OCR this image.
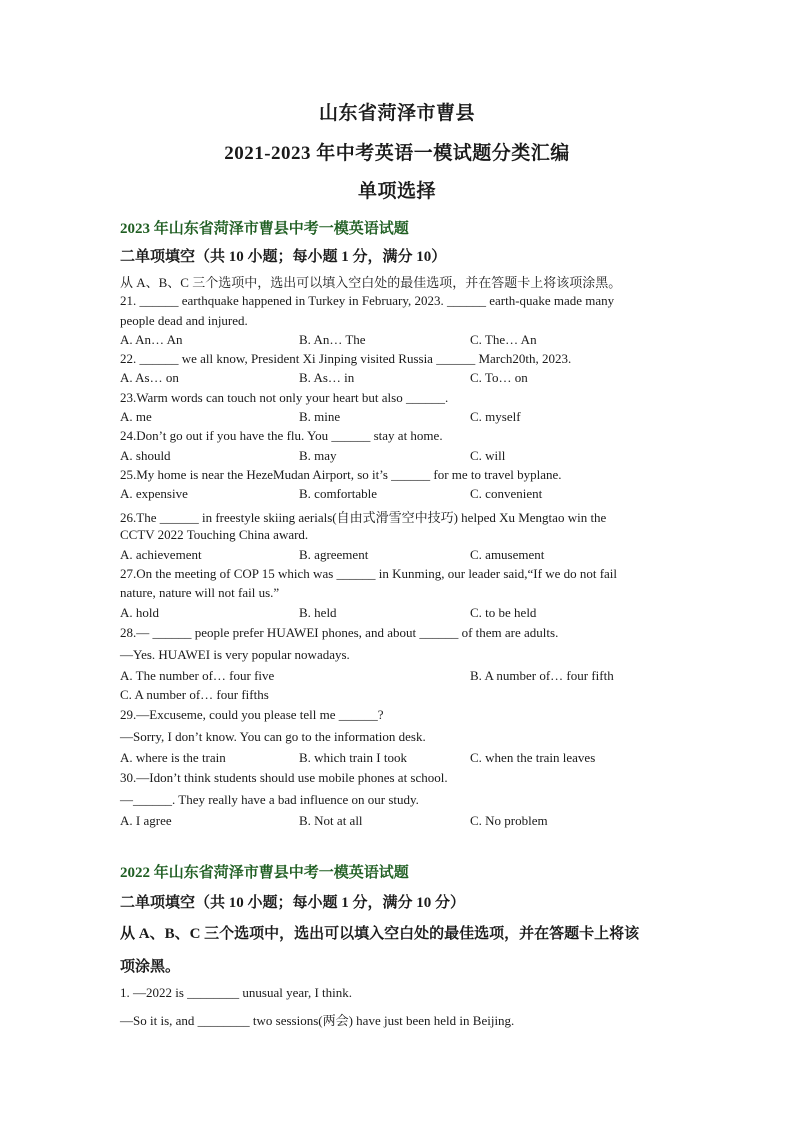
山东省菏泽市曹县
2021-2023 年中考英语一模试题分类汇编
单项选择
2023 年山东省菏泽市曹县中考一模英语试题
二单项填空（共 10 小题；每小题 1 分，满分 10）
从 A、B、C 三个选项中，选出可以填入空白处的最佳选项，并在答题卡上将该项涂黑。
21. ______ earthquake happened in Turkey in February, 2023. ______ earth-quake made many
people dead and injured.
A. An… An	B. An… The	C. The… An
22. ______ we all know, President Xi Jinping visited Russia ______ March20th, 2023.
A. As… on	B. As… in	C. To… on
23.Warm words can touch not only your heart but also ______.
A. me	B. mine	C. myself
24.Don’t go out if you have the flu. You ______ stay at home.
A. should	B. may	C. will
25.My home is near the HezeMudan Airport, so it’s ______ for me to travel byplane.
A. expensive	B. comfortable	C. convenient
26.The ______ in freestyle skiing aerials(自由式滑雪空中技巧) helped Xu Mengtao win the
CCTV 2022 Touching China award.
A. achievement	B. agreement	C. amusement
27.On the meeting of COP 15 which was ______ in Kunming, our leader said,“If we do not fail
nature, nature will not fail us.”
A. hold	B. held	C. to be held
28.— ______ people prefer HUAWEI phones, and about ______ of them are adults.
—Yes. HUAWEI is very popular nowadays.
A. The number of… four five	B. A number of… four fifth
C. A number of… four fifths
29.—Excuseme, could you please tell me ______?
—Sorry, I don’t know. You can go to the information desk.
A. where is the train	B. which train I took	C. when the train leaves
30.—Idon’t think students should use mobile phones at school.
—______. They really have a bad influence on our study.
A. I agree	B. Not at all	C. No problem
2022 年山东省菏泽市曹县中考一模英语试题
二单项填空（共 10 小题；每小题 1 分，满分 10 分）
从 A、B、C 三个选项中，选出可以填入空白处的最佳选项，并在答题卡上将该
项涂黑。
1. —2022 is ________ unusual year, I think.
—So it is, and ________ two sessions(两会) have just been held in Beijing.
